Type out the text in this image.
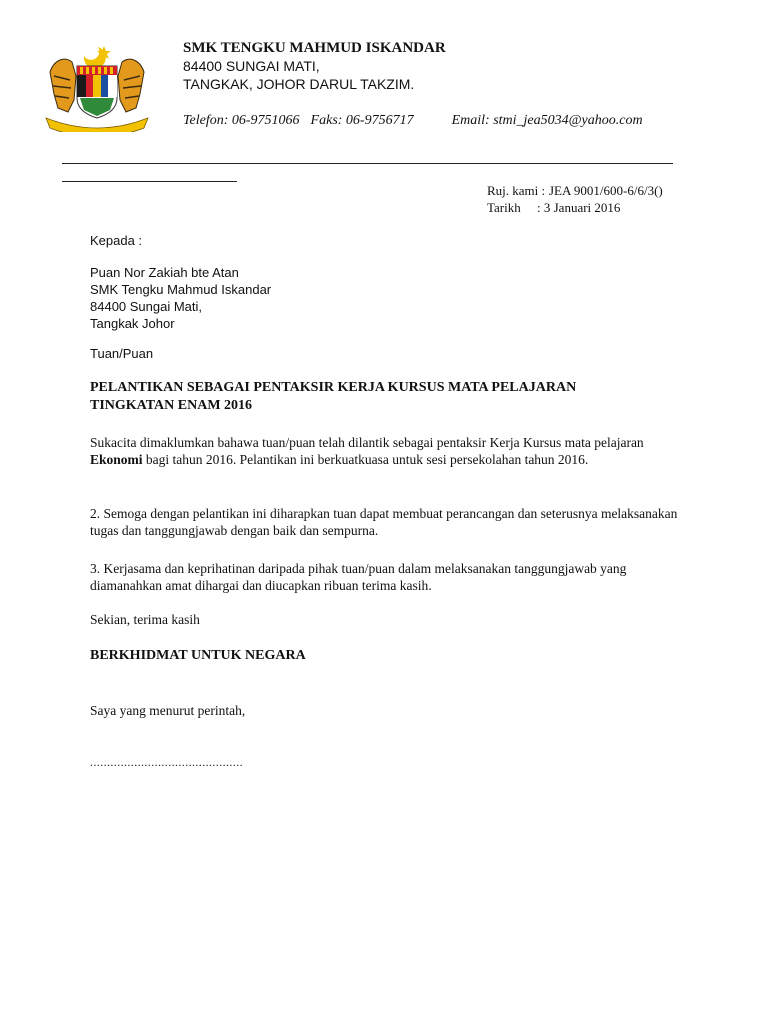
SMK TENGKU MAHMUD ISKANDAR
84400 SUNGAI MATI,
TANGKAK, JOHOR DARUL TAKZIM.
Telefon: 06-9751066 Faks: 06-9756717	Email: stmi_jea5034@yahoo.com
Ruj. kami : JEA 9001/600-6/6/3()
Tarikh : 3 Januari 2016
Kepada :
Puan Nor Zakiah bte Atan
SMK Tengku Mahmud Iskandar
84400 Sungai Mati,
Tangkak Johor
Tuan/Puan
PELANTIKAN SEBAGAI PENTAKSIR KERJA KURSUS MATA PELAJARAN TINGKATAN ENAM 2016
Sukacita dimaklumkan bahawa tuan/puan telah dilantik sebagai pentaksir Kerja Kursus mata pelajaran Ekonomi bagi tahun 2016. Pelantikan ini berkuatkuasa untuk sesi persekolahan tahun 2016.
2. Semoga dengan pelantikan ini diharapkan tuan dapat membuat perancangan dan seterusnya melaksanakan tugas dan tanggungjawab dengan baik dan sempurna.
3. Kerjasama dan keprihatinan daripada pihak tuan/puan dalam melaksanakan tanggungjawab yang diamanahkan amat dihargai dan diucapkan ribuan terima kasih.
Sekian, terima kasih
BERKHIDMAT UNTUK NEGARA
Saya yang menurut perintah,
.............................................
